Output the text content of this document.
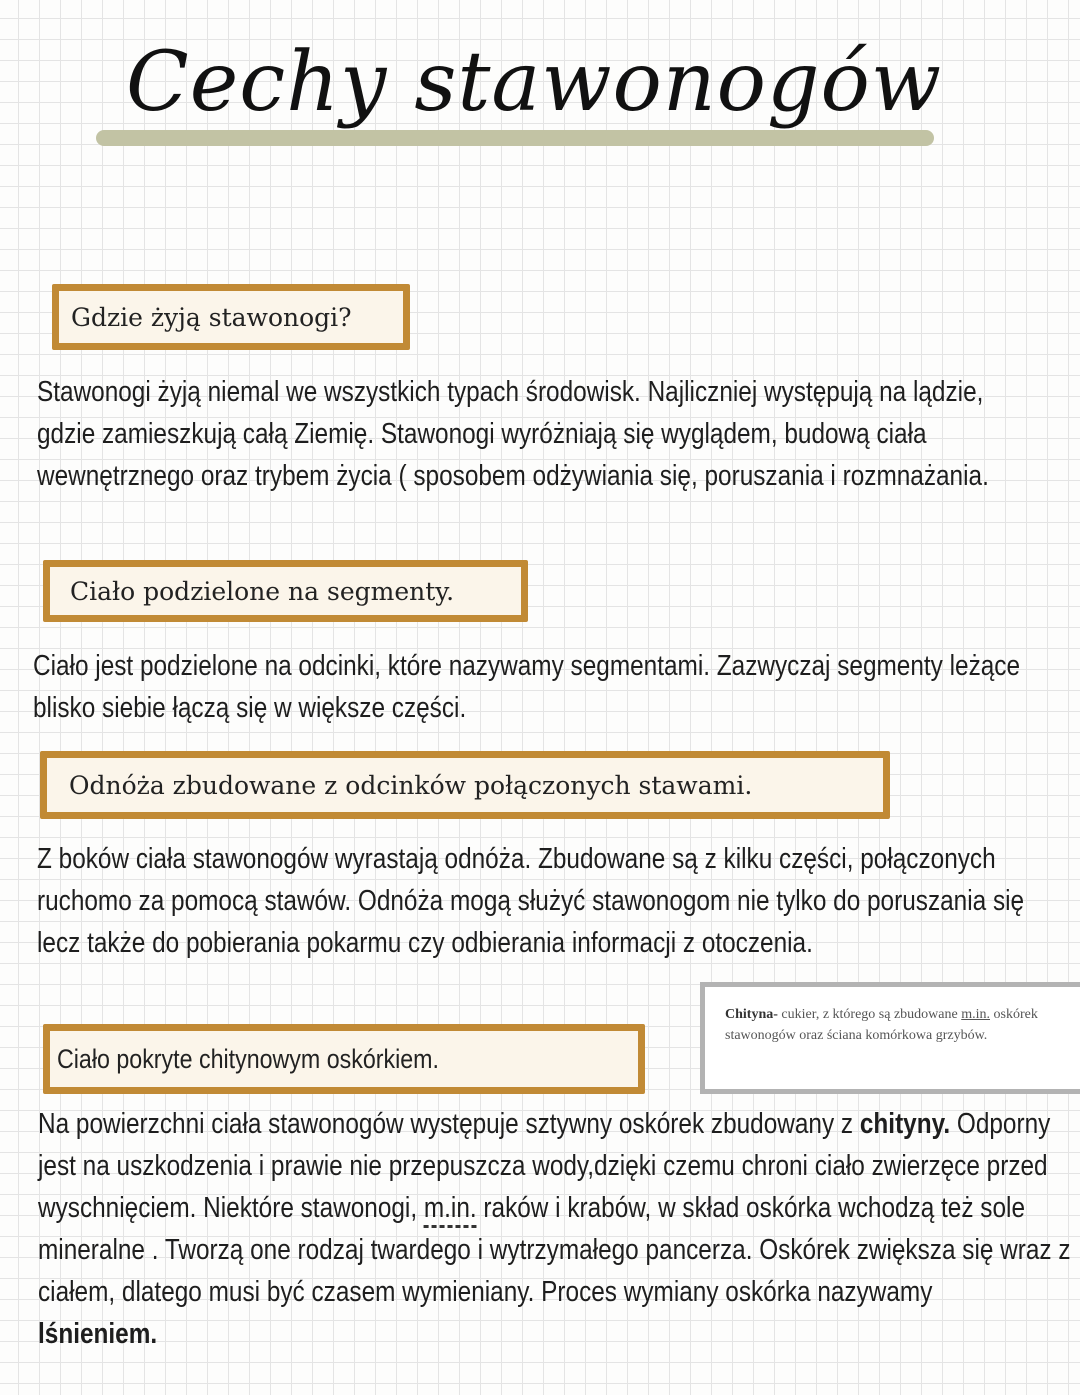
Cechy stawonogów
Gdzie żyją stawonogi?
Stawonogi żyją niemal we wszystkich typach środowisk. Najliczniej występują na lądzie,
gdzie zamieszkują całą Ziemię. Stawonogi wyróżniają się wyglądem, budową ciała
wewnętrznego oraz trybem życia ( sposobem odżywiania się, poruszania i rozmnażania.
Ciało podzielone na segmenty.
Ciało jest podzielone na odcinki, które nazywamy segmentami. Zazwyczaj segmenty leżące
blisko siebie łączą się w większe części.
Odnóża zbudowane z odcinków połączonych stawami.
Z boków ciała stawonogów wyrastają odnóża. Zbudowane są z kilku części, połączonych
ruchomo za pomocą stawów. Odnóża mogą służyć stawonogom nie tylko do poruszania się
lecz także do pobierania pokarmu czy odbierania informacji z otoczenia.
Ciało pokryte chitynowym oskórkiem.
Chityna- cukier, z którego są zbudowane m.in. oskórek stawonogów oraz ściana komórkowa grzybów.
Na powierzchni ciała stawonogów występuje sztywny oskórek zbudowany z chityny. Odporny
jest na uszkodzenia i prawie nie przepuszcza wody,dzięki czemu chroni ciało zwierzęce przed
wyschnięciem. Niektóre stawonogi, m.in. raków i krabów, w skład oskórka wchodzą też sole
mineralne . Tworzą one rodzaj twardego i wytrzymałego pancerza. Oskórek zwiększa się wraz z
ciałem, dlatego musi być czasem wymieniany. Proces wymiany oskórka nazywamy
lśnieniem.
